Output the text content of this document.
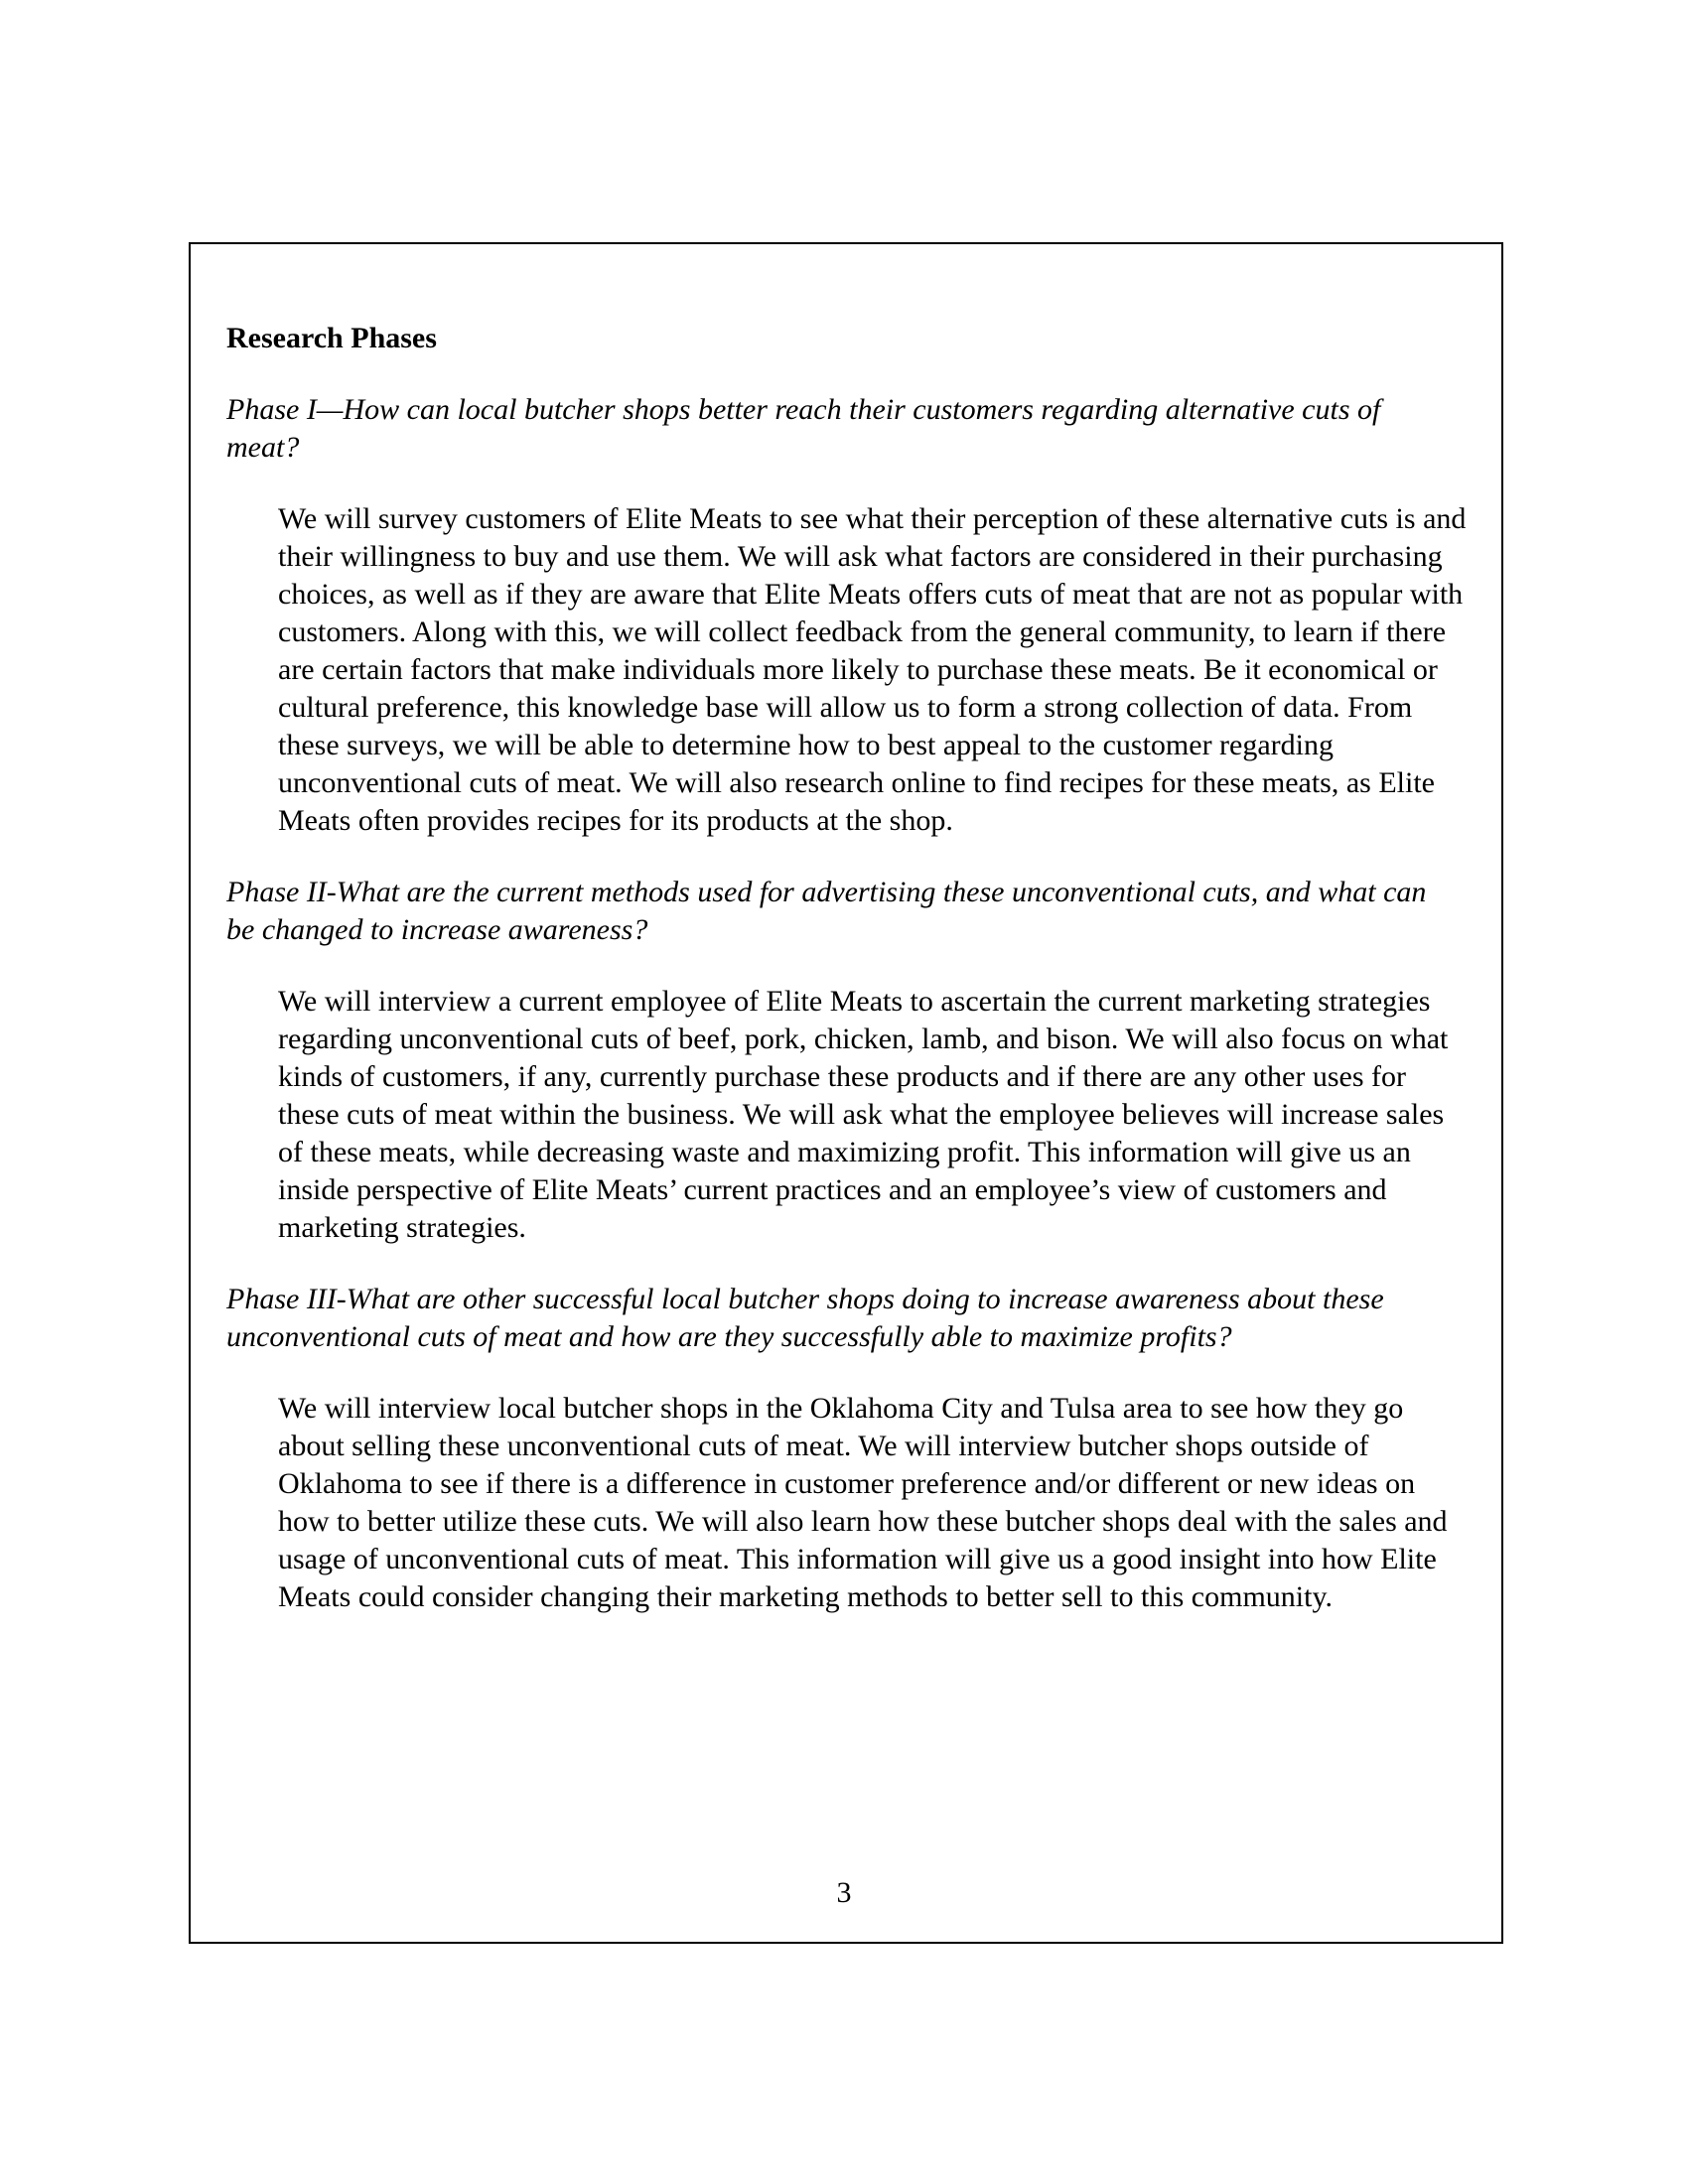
Research Phases

Phase I—How can local butcher shops better reach their customers regarding alternative cuts of meat?

We will survey customers of Elite Meats to see what their perception of these alternative cuts is and their willingness to buy and use them. We will ask what factors are considered in their purchasing choices, as well as if they are aware that Elite Meats offers cuts of meat that are not as popular with customers. Along with this, we will collect feedback from the general community, to learn if there are certain factors that make individuals more likely to purchase these meats. Be it economical or cultural preference, this knowledge base will allow us to form a strong collection of data. From these surveys, we will be able to determine how to best appeal to the customer regarding unconventional cuts of meat. We will also research online to find recipes for these meats, as Elite Meats often provides recipes for its products at the shop.

Phase II-What are the current methods used for advertising these unconventional cuts, and what can be changed to increase awareness?

We will interview a current employee of Elite Meats to ascertain the current marketing strategies regarding unconventional cuts of beef, pork, chicken, lamb, and bison. We will also focus on what kinds of customers, if any, currently purchase these products and if there are any other uses for these cuts of meat within the business. We will ask what the employee believes will increase sales of these meats, while decreasing waste and maximizing profit. This information will give us an inside perspective of Elite Meats’ current practices and an employee’s view of customers and marketing strategies.

Phase III-What are other successful local butcher shops doing to increase awareness about these unconventional cuts of meat and how are they successfully able to maximize profits?

We will interview local butcher shops in the Oklahoma City and Tulsa area to see how they go about selling these unconventional cuts of meat. We will interview butcher shops outside of Oklahoma to see if there is a difference in customer preference and/or different or new ideas on how to better utilize these cuts. We will also learn how these butcher shops deal with the sales and usage of unconventional cuts of meat. This information will give us a good insight into how Elite Meats could consider changing their marketing methods to better sell to this community.

3
